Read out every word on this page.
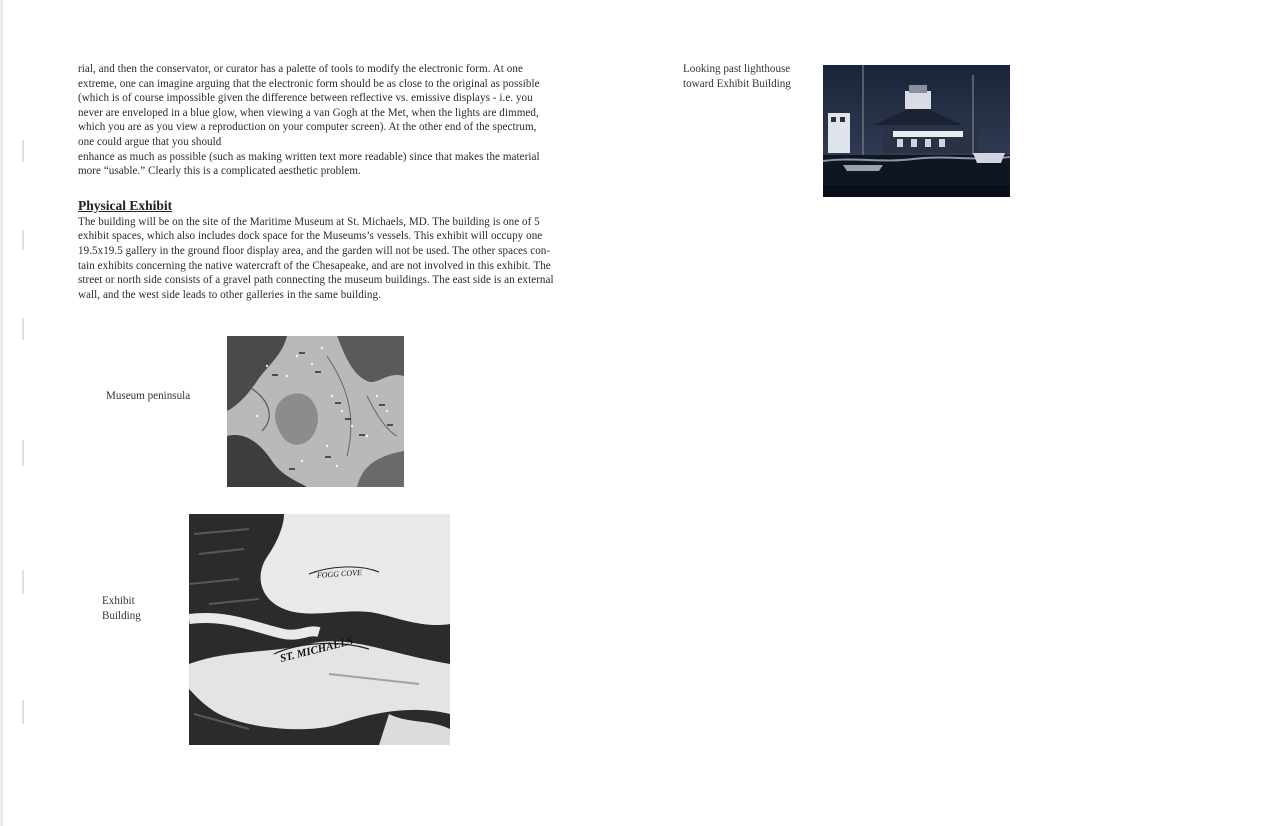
rial, and then the conservator, or curator has a palette of tools to modify the electronic form. At one
extreme, one can imagine arguing that the electronic form should be as close to the original as possible
(which is of course impossible given the difference between reflective vs. emissive displays - i.e. you
never are enveloped in a blue glow, when viewing a van Gogh at the Met, when the lights are dimmed,
which you are as you view a reproduction on your computer screen). At the other end of the spectrum,
one could argue that you should
enhance as much as possible (such as making written text more readable) since that makes the material
more “usable.” Clearly this is a complicated aesthetic problem.

Physical Exhibit

The building will be on the site of the Maritime Museum at St. Michaels, MD. The building is one of 5
exhibit spaces, which also includes dock space for the Museums’s vessels. This exhibit will occupy one
19.5x19.5 gallery in the ground floor display area, and the garden will not be used. The other spaces con-
tain exhibits concerning the native watercraft of the Chesapeake, and are not involved in this exhibit. The
street or north side consists of a gravel path connecting the museum buildings. The east side is an external
wall, and the west side leads to other galleries in the same building.

Museum peninsula
Exhibit
Building
FOGG COVE
ST. MICHAELS
Looking past lighthouse
toward Exhibit Building
